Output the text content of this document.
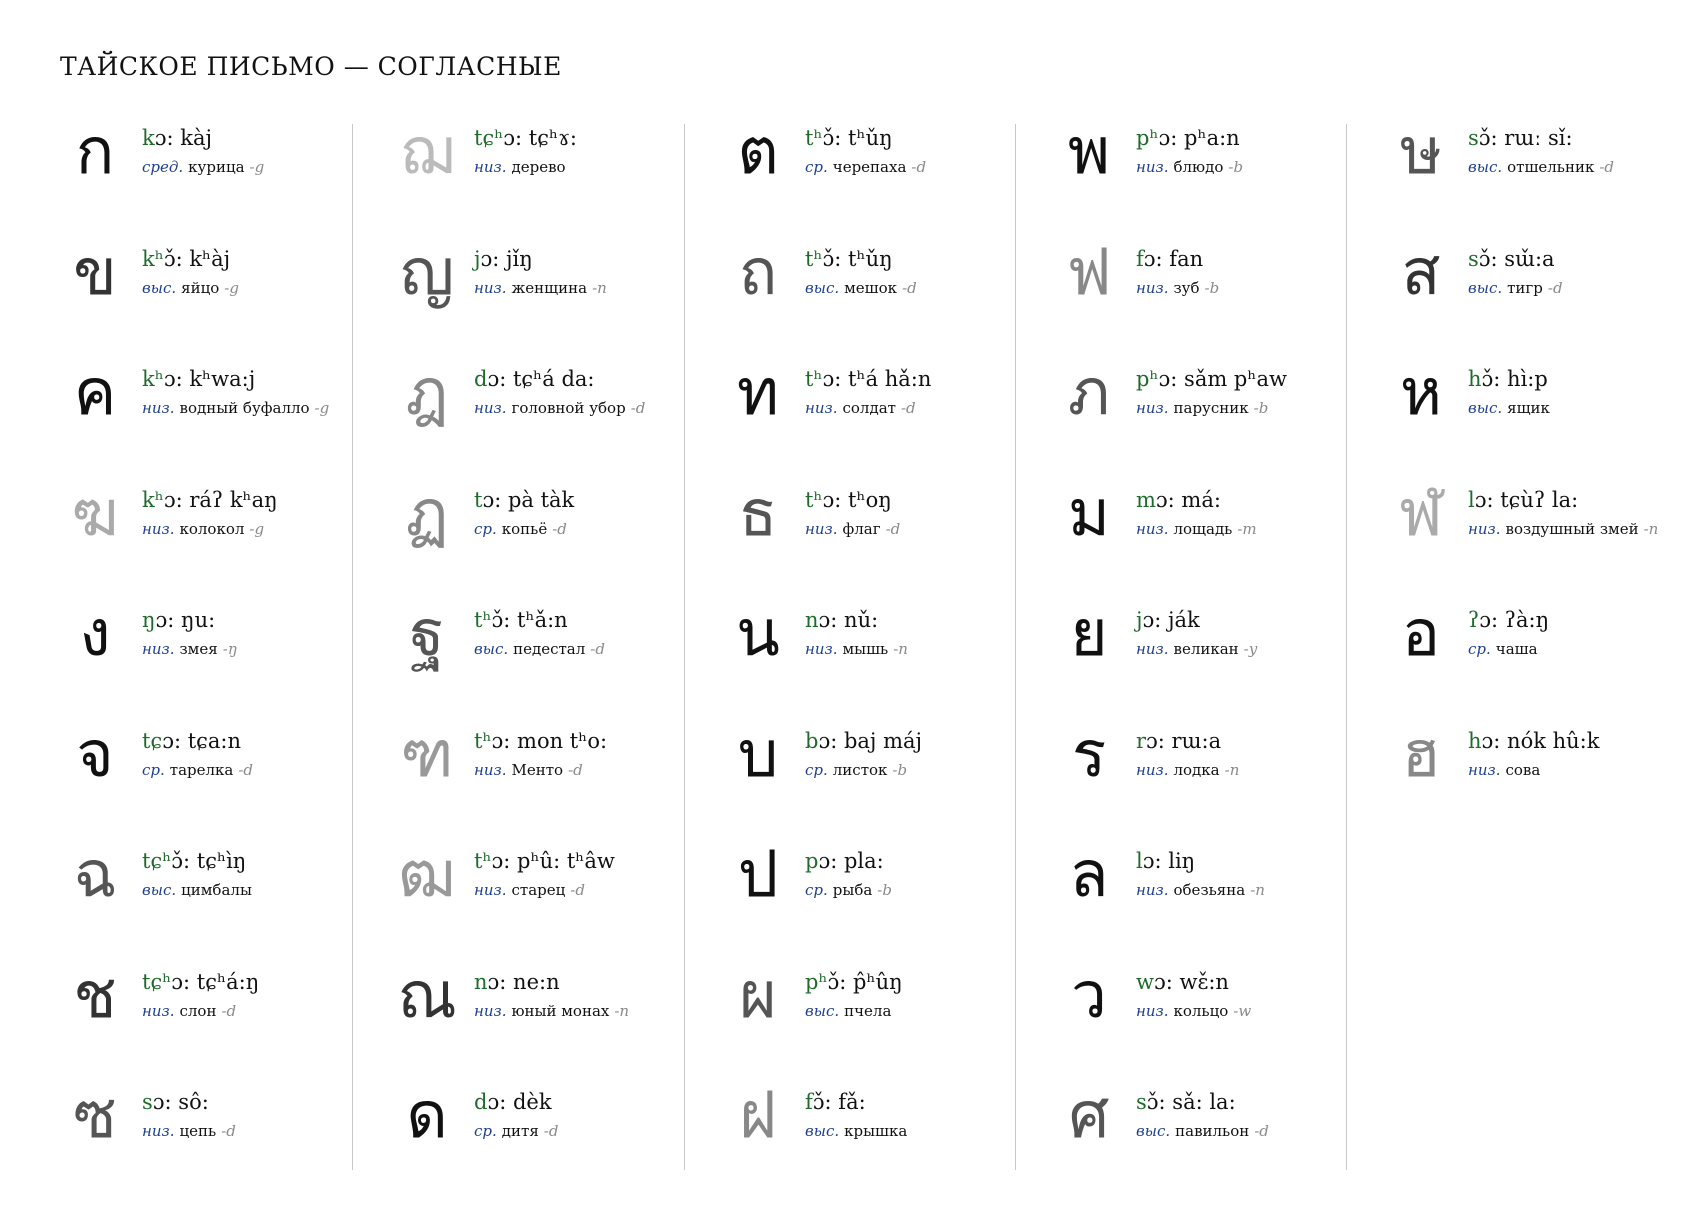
ТАЙСКОЕ ПИСЬМО — СОГЛАСНЫЕ
ก	kɔ: kàj
сред. курица -g
ข	kʰɔ̌: kʰàj
выс. яйцо -g
ค	kʰɔ: kʰwa:j
низ. водный буфалло -g
ฆ	kʰɔ: ráʔ kʰaŋ
низ. колокол -g
ง	ŋɔ: ŋu:
низ. змея -ŋ
จ	tɕɔ: tɕa:n
ср. тарелка -d
ฉ	tɕʰɔ̌: tɕʰìŋ
выс. цимбалы
ช	tɕʰɔ: tɕʰá:ŋ
низ. слон -d
ซ	sɔ: sô:
низ. цепь -d
ฌ tɕʰɔ: tɕʰɤ:
низ. дерево
ญ jɔ: jǐŋ
низ. женщина -n
ฎ	dɔ: tɕʰá da:
низ. головной убор -d
ฏ	tɔ: pà tàk
ср. копьё -d
ฐ	tʰɔ̌: tʰǎ:n
выс. педестал -d
ฑ tʰɔ: mon tʰo:
низ. Менто -d
ฒ tʰɔ: pʰû: tʰâw
низ. старец -d
ณ nɔ: ne:n
низ. юный монах -n
ด	dɔ: dèk
ср. дитя -d
ต	tʰɔ̌: tʰǔŋ
ср. черепаха -d
ถ	tʰɔ̌: tʰǔŋ
выс. мешок -d
ท	tʰɔ: tʰá hǎ:n
низ. солдат -d
ธ	tʰɔ: tʰoŋ
низ. флаг -d
น	nɔ: nǔ:
низ. мышь -n
บ	bɔ: baj máj
ср. листок -b
ป	pɔ: pla:
ср. рыба -b
ผ	pʰɔ̌: p̂ʰûŋ
выс. пчела
ฝ	fɔ̌: fǎ:
выс. крышка
พ	pʰɔ: pʰa:n
низ. блюдо -b
ฟ	fɔ: fan
низ. зуб -b
ภ	pʰɔ: sǎm pʰaw
низ. парусник -b
ม	mɔ: má:
низ. лощадь -m
ย	jɔ: ják
низ. великан -y
ร	rɔ: rɯ:a
низ. лодка -n
ล	lɔ: liŋ
низ. обезьяна -n
ว	wɔ: wɛ̌:n
низ. кольцо -w
ศ	sɔ̌: sǎ: la:
выс. павильон -d
ษ	sɔ̌: rɯː sǐ:
выс. отшельник -d
ส	sɔ̌: sɯ̌:a
выс. тигр -d
ห	hɔ̌: hì:p
выс. ящик
ฬ	lɔ: tɕùʔ la:
низ. воздушный змей -n
อ	ʔɔ: ʔà:ŋ
ср. чаша
ฮ	hɔ: nók hû:k
низ. сова
